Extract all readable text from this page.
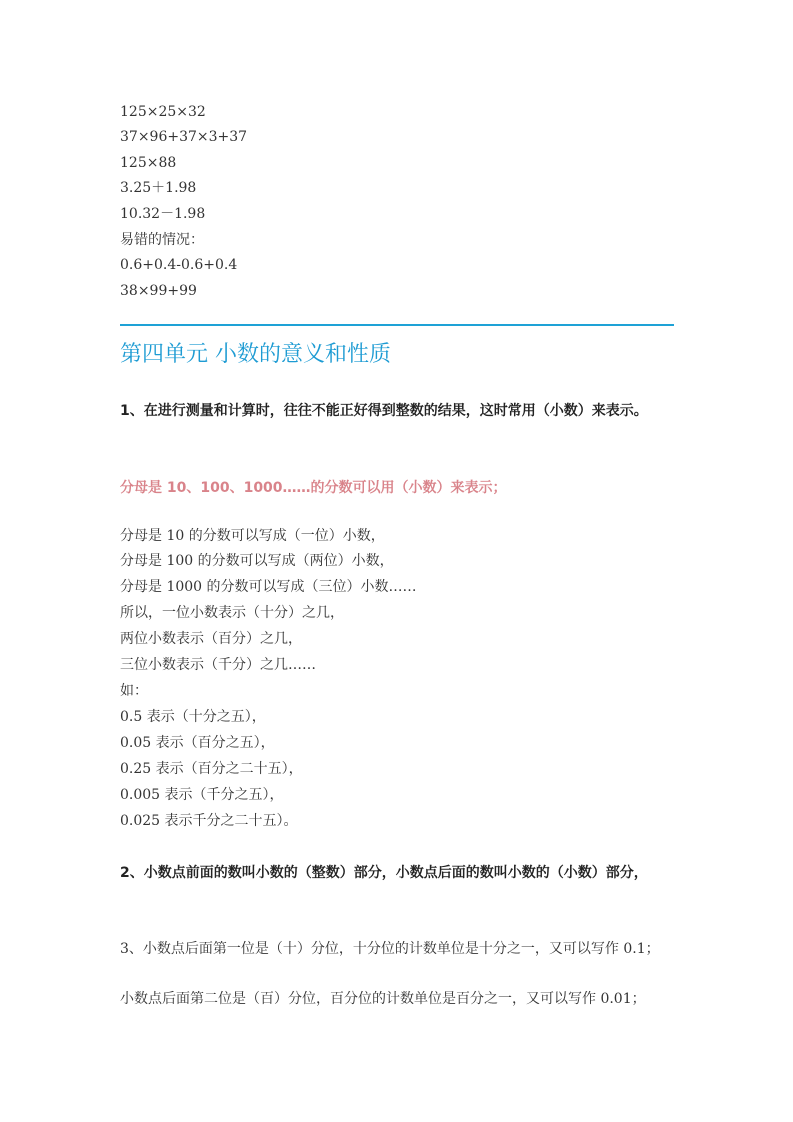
125×25×32
37×96+37×3+37
125×88
3.25＋1.98
10.32－1.98
易错的情况：
0.6+0.4-0.6+0.4
38×99+99
第四单元 小数的意义和性质
1、在进行测量和计算时，往往不能正好得到整数的结果，这时常用（小数）来表示。
分母是 10、100、1000……的分数可以用（小数）来表示；
分母是 10 的分数可以写成（一位）小数，
分母是 100 的分数可以写成（两位）小数，
分母是 1000 的分数可以写成（三位）小数……
所以，一位小数表示（十分）之几，
两位小数表示（百分）之几，
三位小数表示（千分）之几……
如：
0.5 表示（十分之五），
0.05 表示（百分之五），
0.25 表示（百分之二十五），
0.005 表示（千分之五），
0.025 表示千分之二十五）。
2、小数点前面的数叫小数的（整数）部分，小数点后面的数叫小数的（小数）部分，
3、小数点后面第一位是（十）分位，十分位的计数单位是十分之一，又可以写作 0.1；
小数点后面第二位是（百）分位，百分位的计数单位是百分之一，又可以写作 0.01；
